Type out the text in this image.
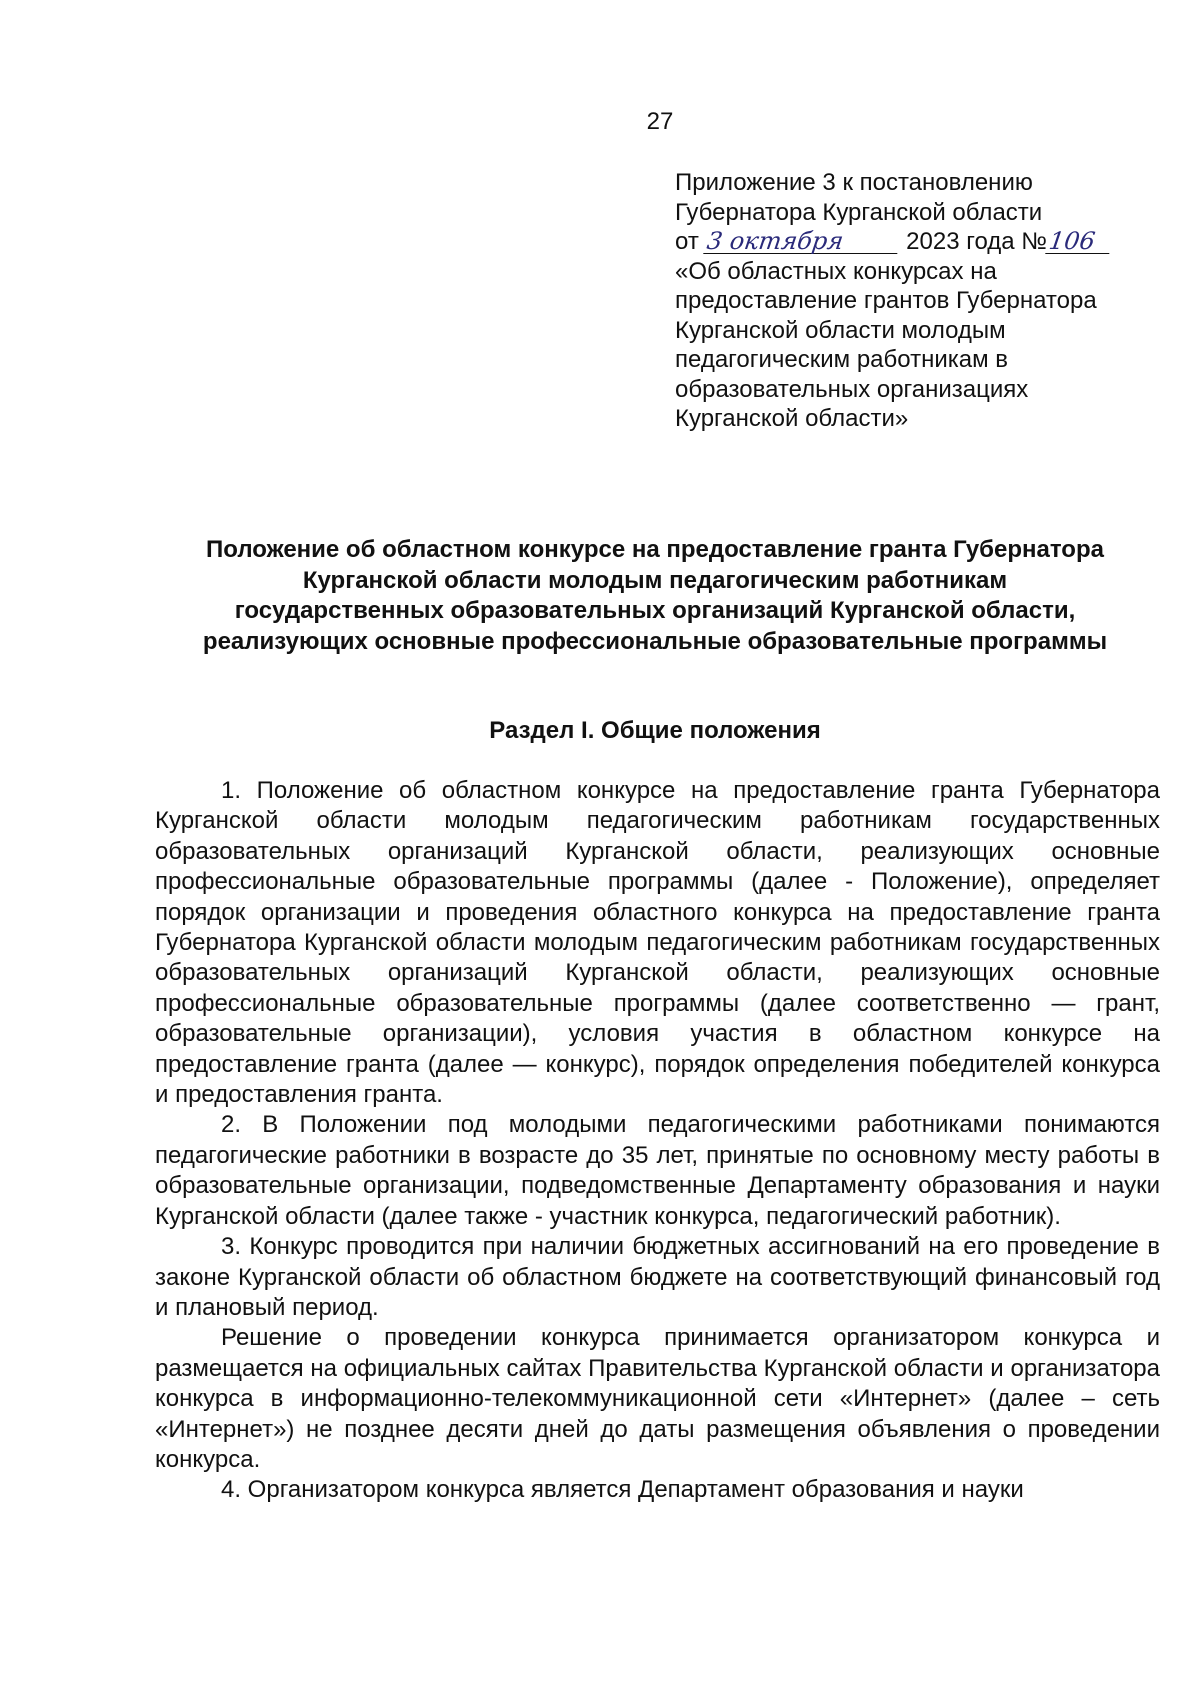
27
Приложение 3 к постановлению
Губернатора Курганской области
от 3 октября	2023 года №106
«Об областных конкурсах на
предоставление грантов Губернатора
Курганской области молодым
педагогическим работникам в
образовательных организациях
Курганской области»
Положение об областном конкурсе на предоставление гранта Губернатора
Курганской области молодым педагогическим работникам
государственных образовательных организаций Курганской области,
реализующих основные профессиональные образовательные программы
Раздел I. Общие положения

1. Положение об областном конкурсе на предоставление гранта Губернатора Курганской области молодым педагогическим работникам государственных образовательных организаций Курганской области, реализующих основные профессиональные образовательные программы (далее - Положение), определяет порядок организации и проведения областного конкурса на предоставление гранта Губернатора Курганской области молодым педагогическим работникам государственных образовательных организаций Курганской области, реализующих основные профессиональные образовательные программы (далее соответственно — грант, образовательные организации), условия участия в областном конкурсе на предоставление гранта (далее — конкурс), порядок определения победителей конкурса и предоставления гранта.

2. В Положении под молодыми педагогическими работниками понимаются педагогические работники в возрасте до 35 лет, принятые по основному месту работы в образовательные организации, подведомственные Департаменту образования и науки Курганской области (далее также - участник конкурса, педагогический работник).

3. Конкурс проводится при наличии бюджетных ассигнований на его проведение в законе Курганской области об областном бюджете на соответствующий финансовый год и плановый период.

Решение о проведении конкурса принимается организатором конкурса и размещается на официальных сайтах Правительства Курганской области и организатора конкурса в информационно-телекоммуникационной сети «Интернет» (далее – сеть «Интернет») не позднее десяти дней до даты размещения объявления о проведении конкурса.

4. Организатором конкурса является Департамент образования и науки
